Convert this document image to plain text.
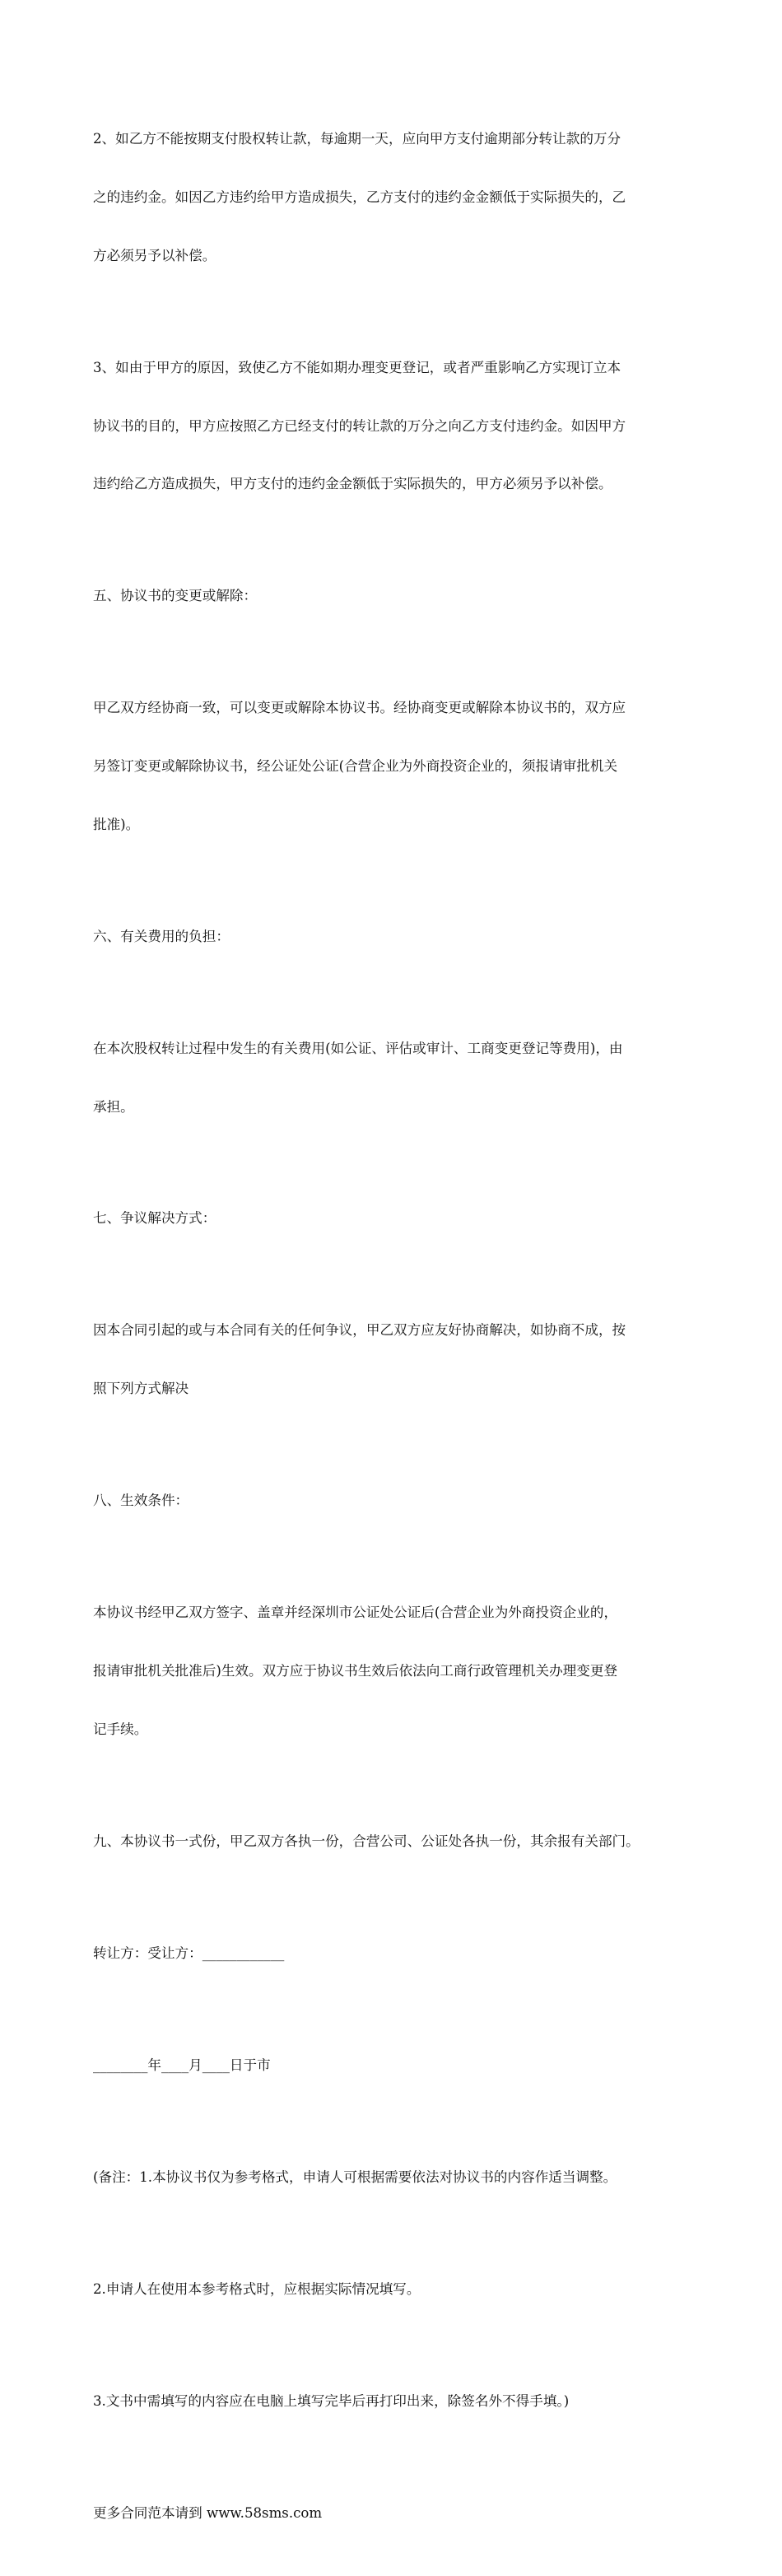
2、如乙方不能按期支付股权转让款，每逾期一天，应向甲方支付逾期部分转让款的万分

之的违约金。如因乙方违约给甲方造成损失，乙方支付的违约金金额低于实际损失的，乙

方必须另予以补偿。

3、如由于甲方的原因，致使乙方不能如期办理变更登记，或者严重影响乙方实现订立本

协议书的目的，甲方应按照乙方已经支付的转让款的万分之向乙方支付违约金。如因甲方

违约给乙方造成损失，甲方支付的违约金金额低于实际损失的，甲方必须另予以补偿。

五、协议书的变更或解除：

甲乙双方经协商一致，可以变更或解除本协议书。经协商变更或解除本协议书的，双方应

另签订变更或解除协议书，经公证处公证(合营企业为外商投资企业的，须报请审批机关

批准)。

六、有关费用的负担：

在本次股权转让过程中发生的有关费用(如公证、评估或审计、工商变更登记等费用)，由

承担。

七、争议解决方式：

因本合同引起的或与本合同有关的任何争议，甲乙双方应友好协商解决，如协商不成，按

照下列方式解决

八、生效条件：

本协议书经甲乙双方签字、盖章并经深圳市公证处公证后(合营企业为外商投资企业的，

报请审批机关批准后)生效。双方应于协议书生效后依法向工商行政管理机关办理变更登

记手续。

九、本协议书一式份，甲乙双方各执一份，合营公司、公证处各执一份，其余报有关部门。

转让方：受让方：____________

________年____月____日于市

(备注：1.本协议书仅为参考格式，申请人可根据需要依法对协议书的内容作适当调整。

2.申请人在使用本参考格式时，应根据实际情况填写。

3.文书中需填写的内容应在电脑上填写完毕后再打印出来，除签名外不得手填。)

更多合同范本请到 www.58sms.com
